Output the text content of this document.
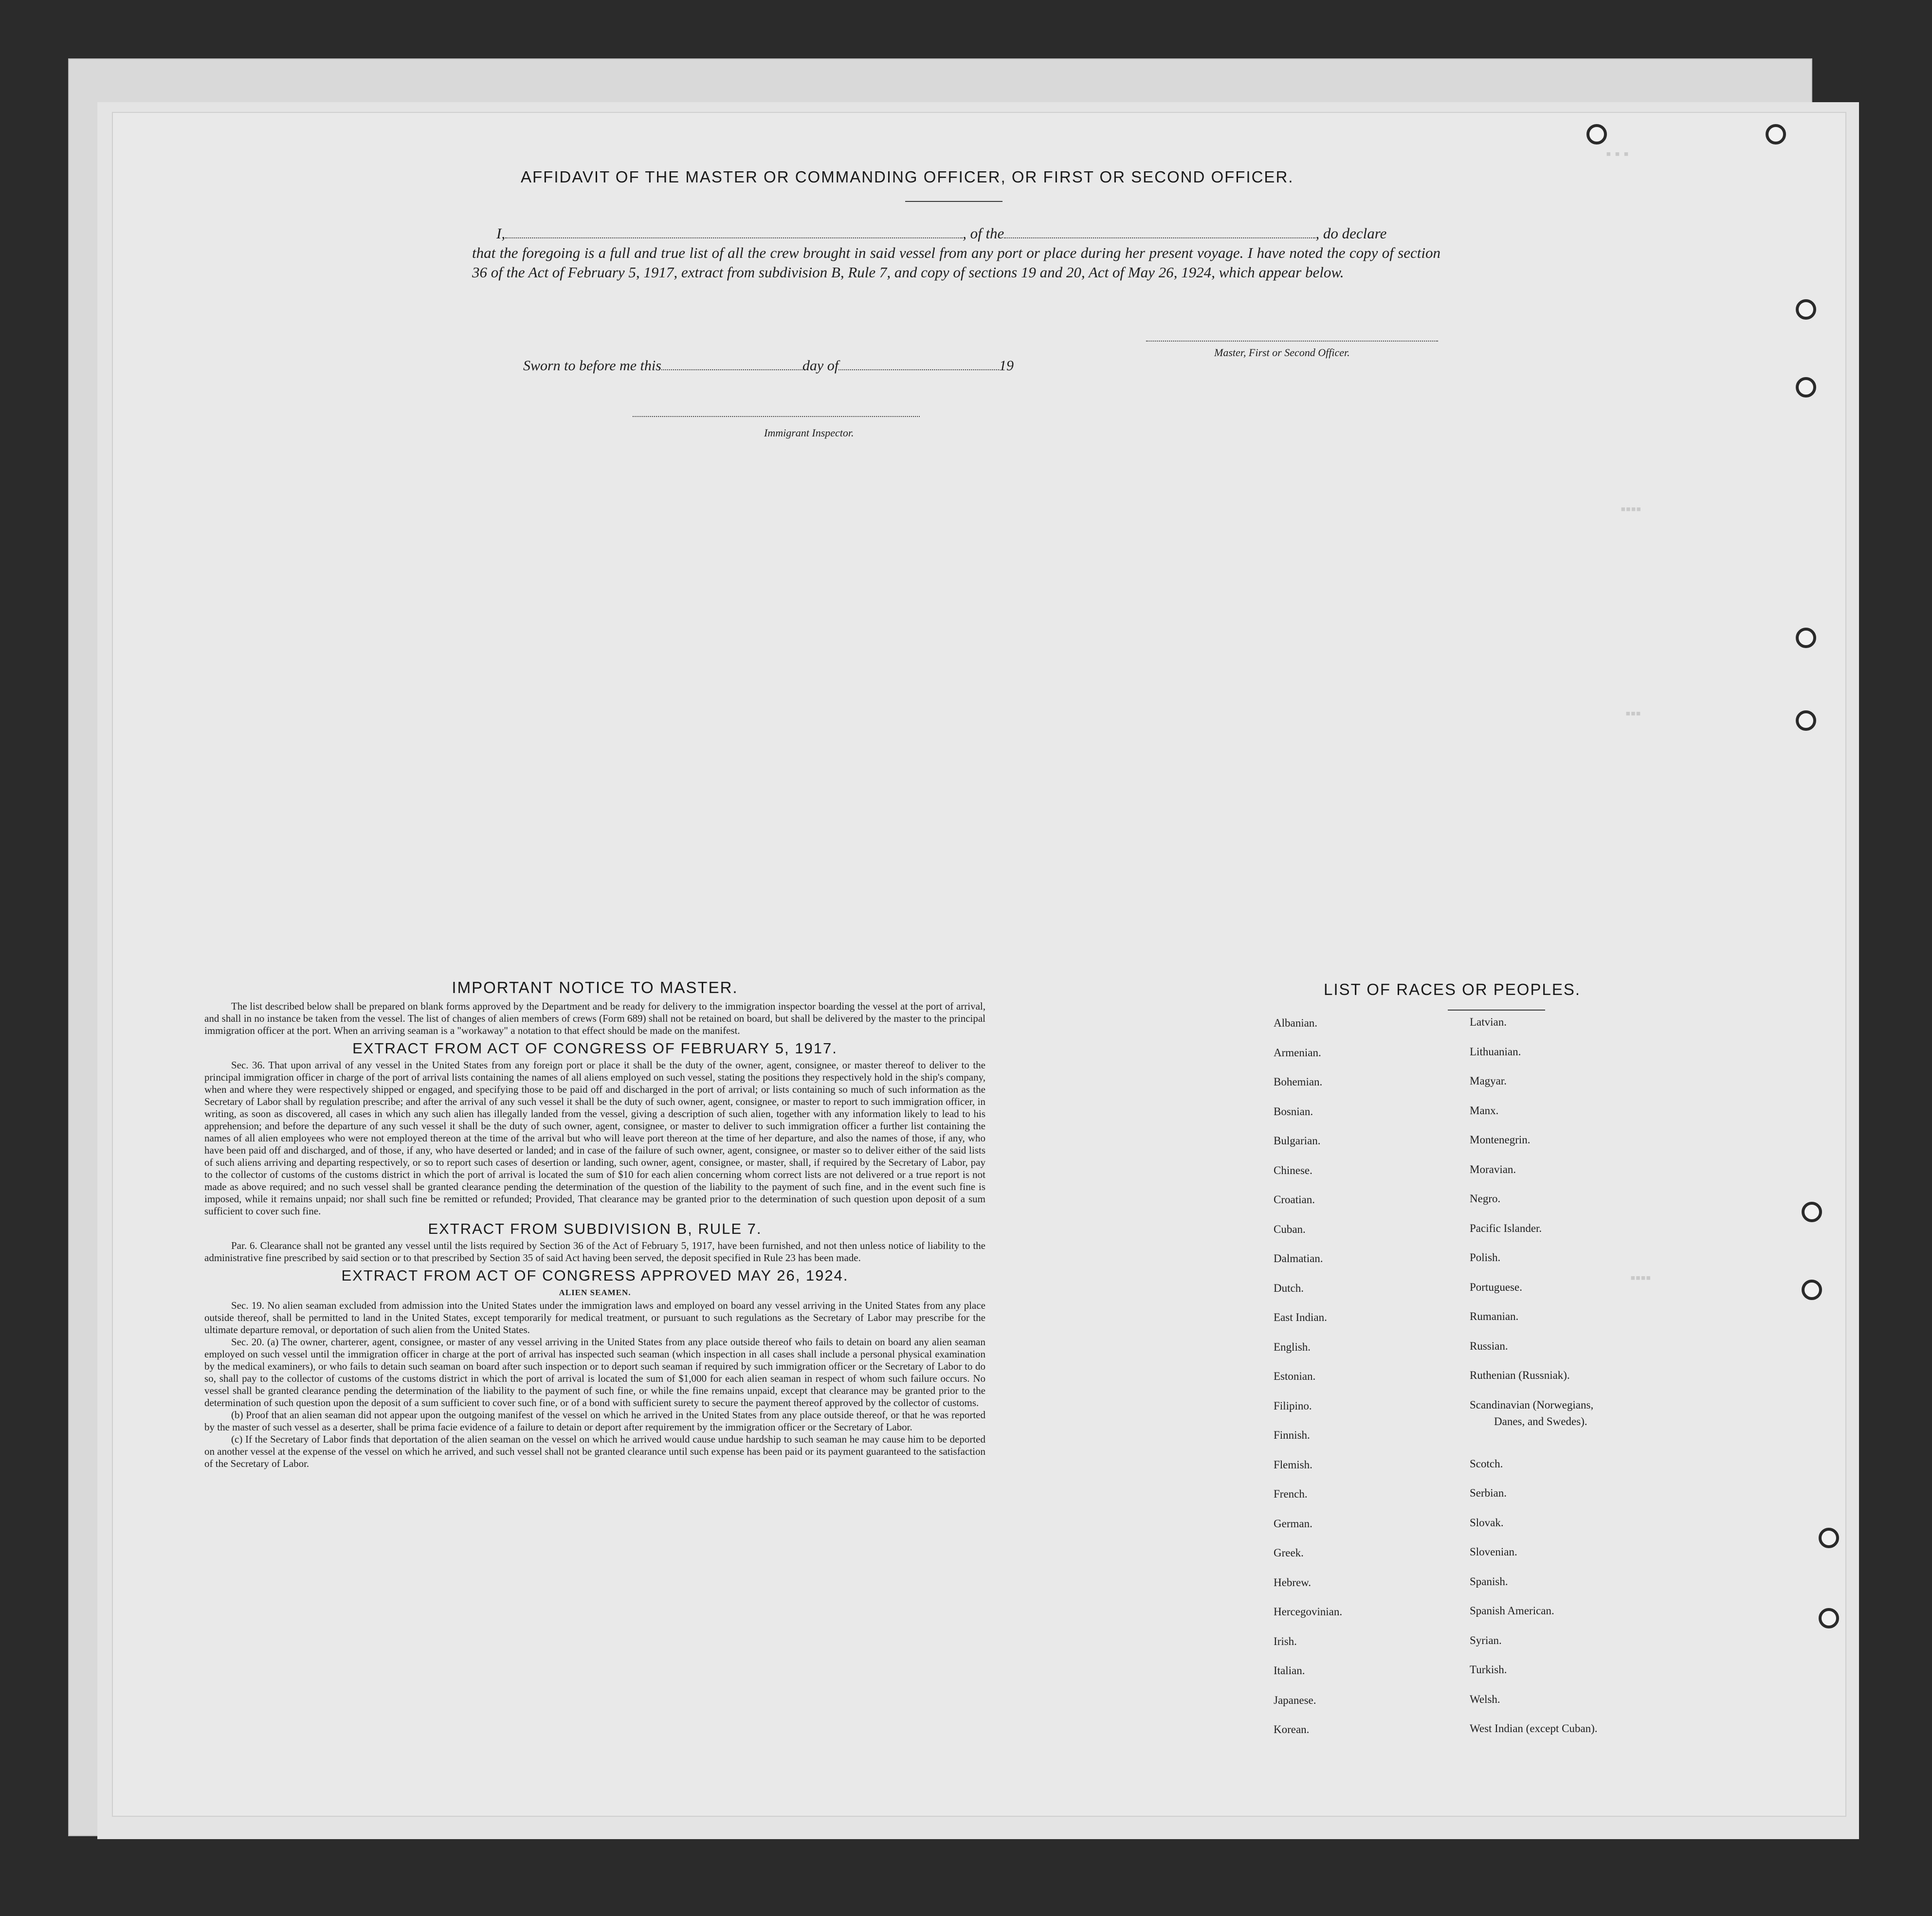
▪ ▪ ▪
▪▪▪▪
▪▪▪
▪▪▪▪
AFFIDAVIT OF THE MASTER OR COMMANDING OFFICER, OR FIRST OR SECOND OFFICER.
I,	, of the	, do declare
that the foregoing is a full and true list of all the crew brought in said vessel from any port or place during her present voyage. I have noted the copy of section 36 of the Act of February 5, 1917, extract from subdivision B, Rule 7, and copy of sections 19 and 20, Act of May 26, 1924, which appear below.
Master, First or Second Officer.
Sworn to before me this	day of	19
Immigrant Inspector.
IMPORTANT NOTICE TO MASTER.

The list described below shall be prepared on blank forms approved by the Department and be ready for delivery to the immigration inspector boarding the vessel at the port of arrival, and shall in no instance be taken from the vessel. The list of changes of alien members of crews (Form 689) shall not be retained on board, but shall be delivered by the master to the principal immigration officer at the port. When an arriving seaman is a "workaway" a notation to that effect should be made on the manifest.

EXTRACT FROM ACT OF CONGRESS OF FEBRUARY 5, 1917.

Sec. 36. That upon arrival of any vessel in the United States from any foreign port or place it shall be the duty of the owner, agent, consignee, or master thereof to deliver to the principal immigration officer in charge of the port of arrival lists containing the names of all aliens employed on such vessel, stating the positions they respectively hold in the ship's company, when and where they were respectively shipped or engaged, and specifying those to be paid off and discharged in the port of arrival; or lists containing so much of such information as the Secretary of Labor shall by regulation prescribe; and after the arrival of any such vessel it shall be the duty of such owner, agent, consignee, or master to report to such immigration officer, in writing, as soon as discovered, all cases in which any such alien has illegally landed from the vessel, giving a description of such alien, together with any information likely to lead to his apprehension; and before the departure of any such vessel it shall be the duty of such owner, agent, consignee, or master to deliver to such immigration officer a further list containing the names of all alien employees who were not employed thereon at the time of the arrival but who will leave port thereon at the time of her departure, and also the names of those, if any, who have been paid off and discharged, and of those, if any, who have deserted or landed; and in case of the failure of such owner, agent, consignee, or master so to deliver either of the said lists of such aliens arriving and departing respectively, or so to report such cases of desertion or landing, such owner, agent, consignee, or master, shall, if required by the Secretary of Labor, pay to the collector of customs of the customs district in which the port of arrival is located the sum of $10 for each alien concerning whom correct lists are not delivered or a true report is not made as above required; and no such vessel shall be granted clearance pending the determination of the question of the liability to the payment of such fine, and in the event such fine is imposed, while it remains unpaid; nor shall such fine be remitted or refunded; Provided, That clearance may be granted prior to the determination of such question upon deposit of a sum sufficient to cover such fine.

EXTRACT FROM SUBDIVISION B, RULE 7.

Par. 6. Clearance shall not be granted any vessel until the lists required by Section 36 of the Act of February 5, 1917, have been furnished, and not then unless notice of liability to the administrative fine prescribed by said section or to that prescribed by Section 35 of said Act having been served, the deposit specified in Rule 23 has been made.

EXTRACT FROM ACT OF CONGRESS APPROVED MAY 26, 1924.
ALIEN SEAMEN.

Sec. 19. No alien seaman excluded from admission into the United States under the immigration laws and employed on board any vessel arriving in the United States from any place outside thereof, shall be permitted to land in the United States, except temporarily for medical treatment, or pursuant to such regulations as the Secretary of Labor may prescribe for the ultimate departure removal, or deportation of such alien from the United States.

Sec. 20. (a) The owner, charterer, agent, consignee, or master of any vessel arriving in the United States from any place outside thereof who fails to detain on board any alien seaman employed on such vessel until the immigration officer in charge at the port of arrival has inspected such seaman (which inspection in all cases shall include a personal physical examination by the medical examiners), or who fails to detain such seaman on board after such inspection or to deport such seaman if required by such immigration officer or the Secretary of Labor to do so, shall pay to the collector of customs of the customs district in which the port of arrival is located the sum of $1,000 for each alien seaman in respect of whom such failure occurs. No vessel shall be granted clearance pending the determination of the liability to the payment of such fine, or while the fine remains unpaid, except that clearance may be granted prior to the determination of such question upon the deposit of a sum sufficient to cover such fine, or of a bond with sufficient surety to secure the payment thereof approved by the collector of customs.

(b) Proof that an alien seaman did not appear upon the outgoing manifest of the vessel on which he arrived in the United States from any place outside thereof, or that he was reported by the master of such vessel as a deserter, shall be prima facie evidence of a failure to detain or deport after requirement by the immigration officer or the Secretary of Labor.

(c) If the Secretary of Labor finds that deportation of the alien seaman on the vessel on which he arrived would cause undue hardship to such seaman he may cause him to be deported on another vessel at the expense of the vessel on which he arrived, and such vessel shall not be granted clearance until such expense has been paid or its payment guaranteed to the satisfaction of the Secretary of Labor.

LIST OF RACES OR PEOPLES.
Albanian.
Armenian.
Bohemian.
Bosnian.
Bulgarian.
Chinese.
Croatian.
Cuban.
Dalmatian.
Dutch.
East Indian.
English.
Estonian.
Filipino.
Finnish.
Flemish.
French.
German.
Greek.
Hebrew.
Hercegovinian.
Irish.
Italian.
Japanese.
Korean.
Latvian.
Lithuanian.
Magyar.
Manx.
Montenegrin.
Moravian.
Negro.
Pacific Islander.
Polish.
Portuguese.
Rumanian.
Russian.
Ruthenian (Russniak).
Scandinavian (Norwegians,
Danes, and Swedes).
Scotch.
Serbian.
Slovak.
Slovenian.
Spanish.
Spanish American.
Syrian.
Turkish.
Welsh.
West Indian (except Cuban).
